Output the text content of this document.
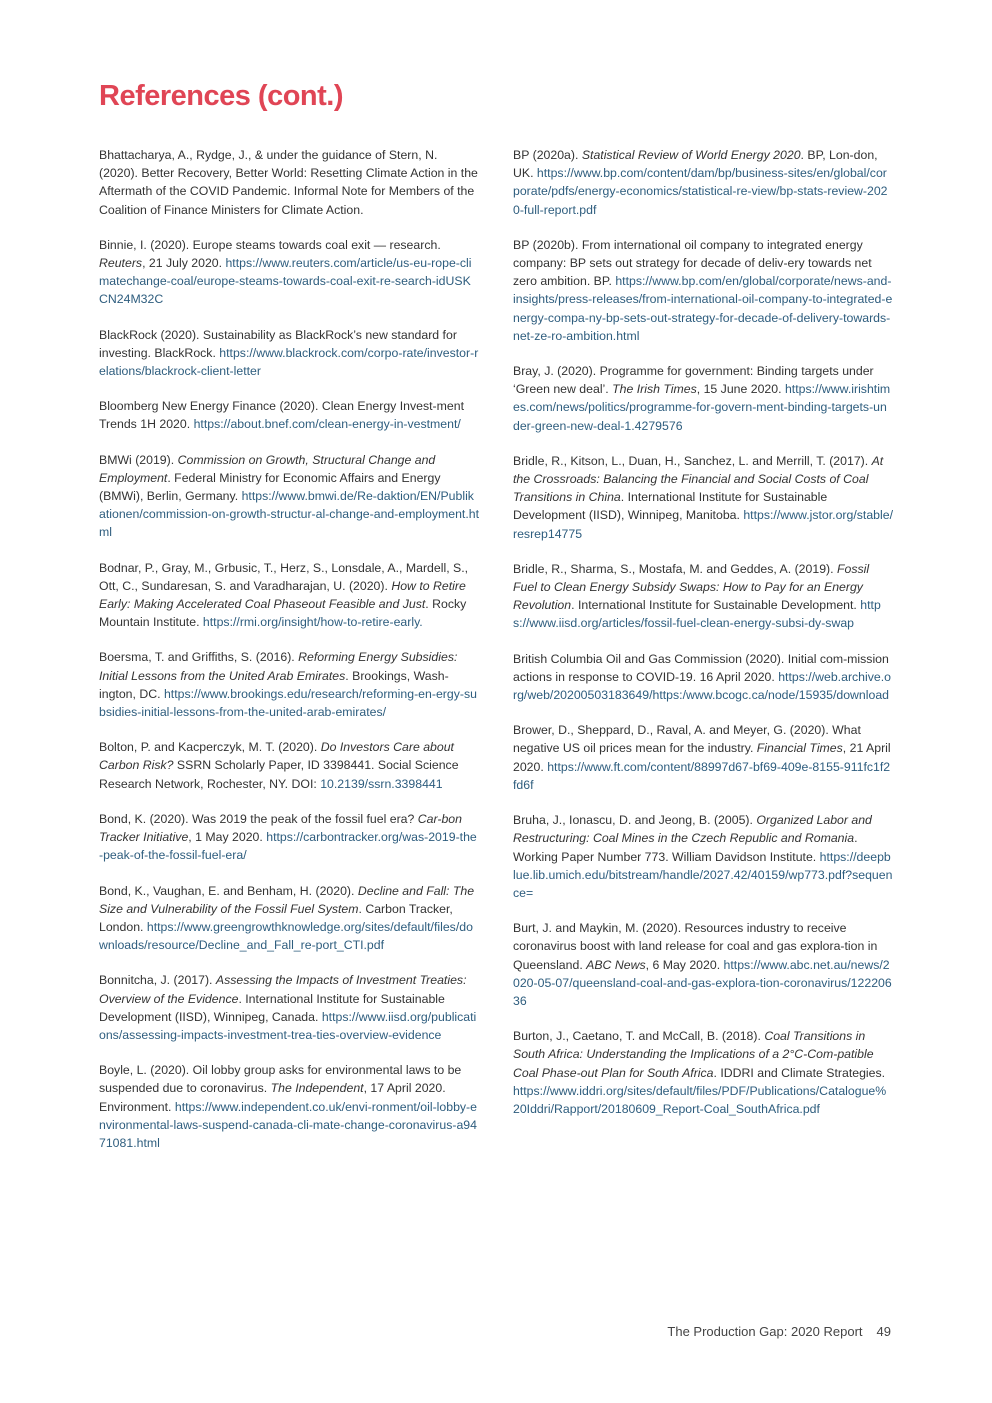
References (cont.)

Bhattacharya, A., Rydge, J., & under the guidance of Stern, N. (2020). Better Recovery, Better World: Resetting Climate Action in the Aftermath of the COVID Pandemic. Informal Note for Members of the Coalition of Finance Ministers for Climate Action.

Binnie, I. (2020). Europe steams towards coal exit — research. Reuters, 21 July 2020. https://www.reuters.com/article/us-eu-rope-climatechange-coal/europe-steams-towards-coal-exit-re-search-idUSKCN24M32C

BlackRock (2020). Sustainability as BlackRock’s new standard for investing. BlackRock. https://www.blackrock.com/corpo-rate/investor-relations/blackrock-client-letter

Bloomberg New Energy Finance (2020). Clean Energy Invest-ment Trends 1H 2020. https://about.bnef.com/clean-energy-in-vestment/

BMWi (2019). Commission on Growth, Structural Change and Employment. Federal Ministry for Economic Affairs and Energy (BMWi), Berlin, Germany. https://www.bmwi.de/Re-daktion/EN/Publikationen/commission-on-growth-structur-al-change-and-employment.html

Bodnar, P., Gray, M., Grbusic, T., Herz, S., Lonsdale, A., Mardell, S., Ott, C., Sundaresan, S. and Varadharajan, U. (2020). How to Retire Early: Making Accelerated Coal Phaseout Feasible and Just. Rocky Mountain Institute. https://rmi.org/insight/how-to-retire-early.

Boersma, T. and Griffiths, S. (2016). Reforming Energy Subsidies: Initial Lessons from the United Arab Emirates. Brookings, Wash-ington, DC. https://www.brookings.edu/research/reforming-en-ergy-subsidies-initial-lessons-from-the-united-arab-emirates/

Bolton, P. and Kacperczyk, M. T. (2020). Do Investors Care about Carbon Risk? SSRN Scholarly Paper, ID 3398441. Social Science Research Network, Rochester, NY. DOI: 10.2139/ssrn.3398441

Bond, K. (2020). Was 2019 the peak of the fossil fuel era? Car-bon Tracker Initiative, 1 May 2020. https://carbontracker.org/was-2019-the-peak-of-the-fossil-fuel-era/

Bond, K., Vaughan, E. and Benham, H. (2020). Decline and Fall: The Size and Vulnerability of the Fossil Fuel System. Carbon Tracker, London. https://www.greengrowthknowledge.org/sites/default/files/downloads/resource/Decline_and_Fall_re-port_CTI.pdf

Bonnitcha, J. (2017). Assessing the Impacts of Investment Treaties: Overview of the Evidence. International Institute for Sustainable Development (IISD), Winnipeg, Canada. https://www.iisd.org/publications/assessing-impacts-investment-trea-ties-overview-evidence

Boyle, L. (2020). Oil lobby group asks for environmental laws to be suspended due to coronavirus. The Independent, 17 April 2020. Environment. https://www.independent.co.uk/envi-ronment/oil-lobby-environmental-laws-suspend-canada-cli-mate-change-coronavirus-a9471081.html

BP (2020a). Statistical Review of World Energy 2020. BP, Lon-don, UK. https://www.bp.com/content/dam/bp/business-sites/en/global/corporate/pdfs/energy-economics/statistical-re-view/bp-stats-review-2020-full-report.pdf

BP (2020b). From international oil company to integrated energy company: BP sets out strategy for decade of deliv-ery towards net zero ambition. BP. https://www.bp.com/en/global/corporate/news-and-insights/press-releases/from-international-oil-company-to-integrated-energy-compa-ny-bp-sets-out-strategy-for-decade-of-delivery-towards-net-ze-ro-ambition.html

Bray, J. (2020). Programme for government: Binding targets under ‘Green new deal’. The Irish Times, 15 June 2020. https://www.irishtimes.com/news/politics/programme-for-govern-ment-binding-targets-under-green-new-deal-1.4279576

Bridle, R., Kitson, L., Duan, H., Sanchez, L. and Merrill, T. (2017). At the Crossroads: Balancing the Financial and Social Costs of Coal Transitions in China. International Institute for Sustainable Development (IISD), Winnipeg, Manitoba. https://www.jstor.org/stable/resrep14775

Bridle, R., Sharma, S., Mostafa, M. and Geddes, A. (2019). Fossil Fuel to Clean Energy Subsidy Swaps: How to Pay for an Energy Revolution. International Institute for Sustainable Development. https://www.iisd.org/articles/fossil-fuel-clean-energy-subsi-dy-swap

British Columbia Oil and Gas Commission (2020). Initial com-mission actions in response to COVID-19. 16 April 2020. https://web.archive.org/web/20200503183649/https:/www.bcogc.ca/node/15935/download

Brower, D., Sheppard, D., Raval, A. and Meyer, G. (2020). What negative US oil prices mean for the industry. Financial Times, 21 April 2020. https://www.ft.com/content/88997d67-bf69-409e-8155-911fc1f2fd6f

Bruha, J., Ionascu, D. and Jeong, B. (2005). Organized Labor and Restructuring: Coal Mines in the Czech Republic and Romania. Working Paper Number 773. William Davidson Institute. https://deepblue.lib.umich.edu/bitstream/handle/2027.42/40159/wp773.pdf?sequence=

Burt, J. and Maykin, M. (2020). Resources industry to receive coronavirus boost with land release for coal and gas explora-tion in Queensland. ABC News, 6 May 2020. https://www.abc.net.au/news/2020-05-07/queensland-coal-and-gas-explora-tion-coronavirus/12220636

Burton, J., Caetano, T. and McCall, B. (2018). Coal Transitions in South Africa: Understanding the Implications of a 2°C-Com-patible Coal Phase-out Plan for South Africa. IDDRI and Climate Strategies. https://www.iddri.org/sites/default/files/PDF/Publications/Catalogue%20Iddri/Rapport/20180609_Report-Coal_SouthAfrica.pdf

The Production Gap: 2020 Report 49
